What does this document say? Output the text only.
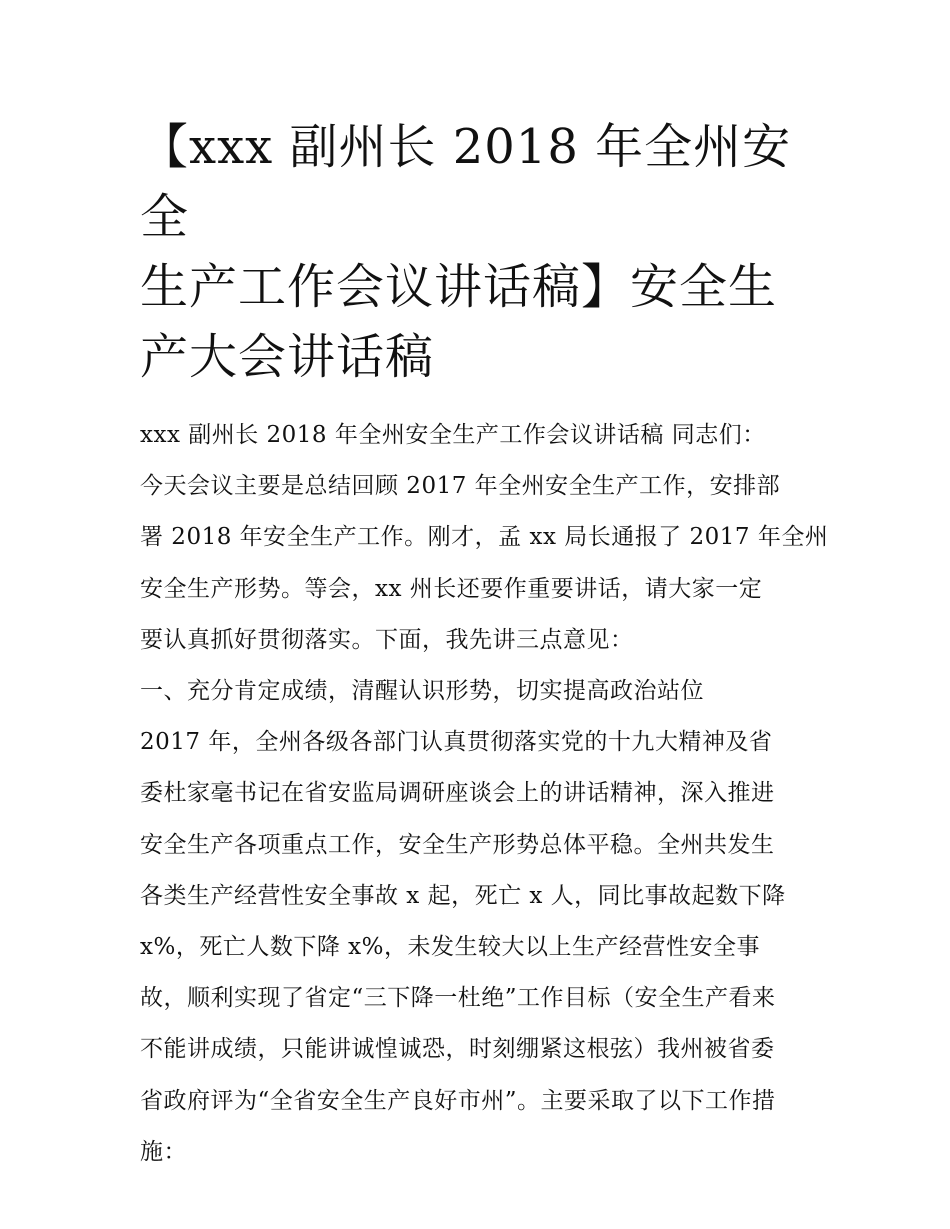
【xxx 副州长 2018 年全州安全
生产工作会议讲话稿】安全生
产大会讲话稿
xxx 副州长 2018 年全州安全生产工作会议讲话稿 同志们：
今天会议主要是总结回顾 2017 年全州安全生产工作，安排部
署 2018 年安全生产工作。刚才，孟 xx 局长通报了 2017 年全州
安全生产形势。等会，xx 州长还要作重要讲话，请大家一定
要认真抓好贯彻落实。下面，我先讲三点意见：
一、充分肯定成绩，清醒认识形势，切实提高政治站位
2017 年，全州各级各部门认真贯彻落实党的十九大精神及省
委杜家毫书记在省安监局调研座谈会上的讲话精神，深入推进
安全生产各项重点工作，安全生产形势总体平稳。全州共发生
各类生产经营性安全事故 x 起，死亡 x 人，同比事故起数下降
x%，死亡人数下降 x%，未发生较大以上生产经营性安全事
故，顺利实现了省定“三下降一杜绝”工作目标（安全生产看来
不能讲成绩，只能讲诚惶诚恐，时刻绷紧这根弦）我州被省委
省政府评为“全省安全生产良好市州”。主要采取了以下工作措
施：
